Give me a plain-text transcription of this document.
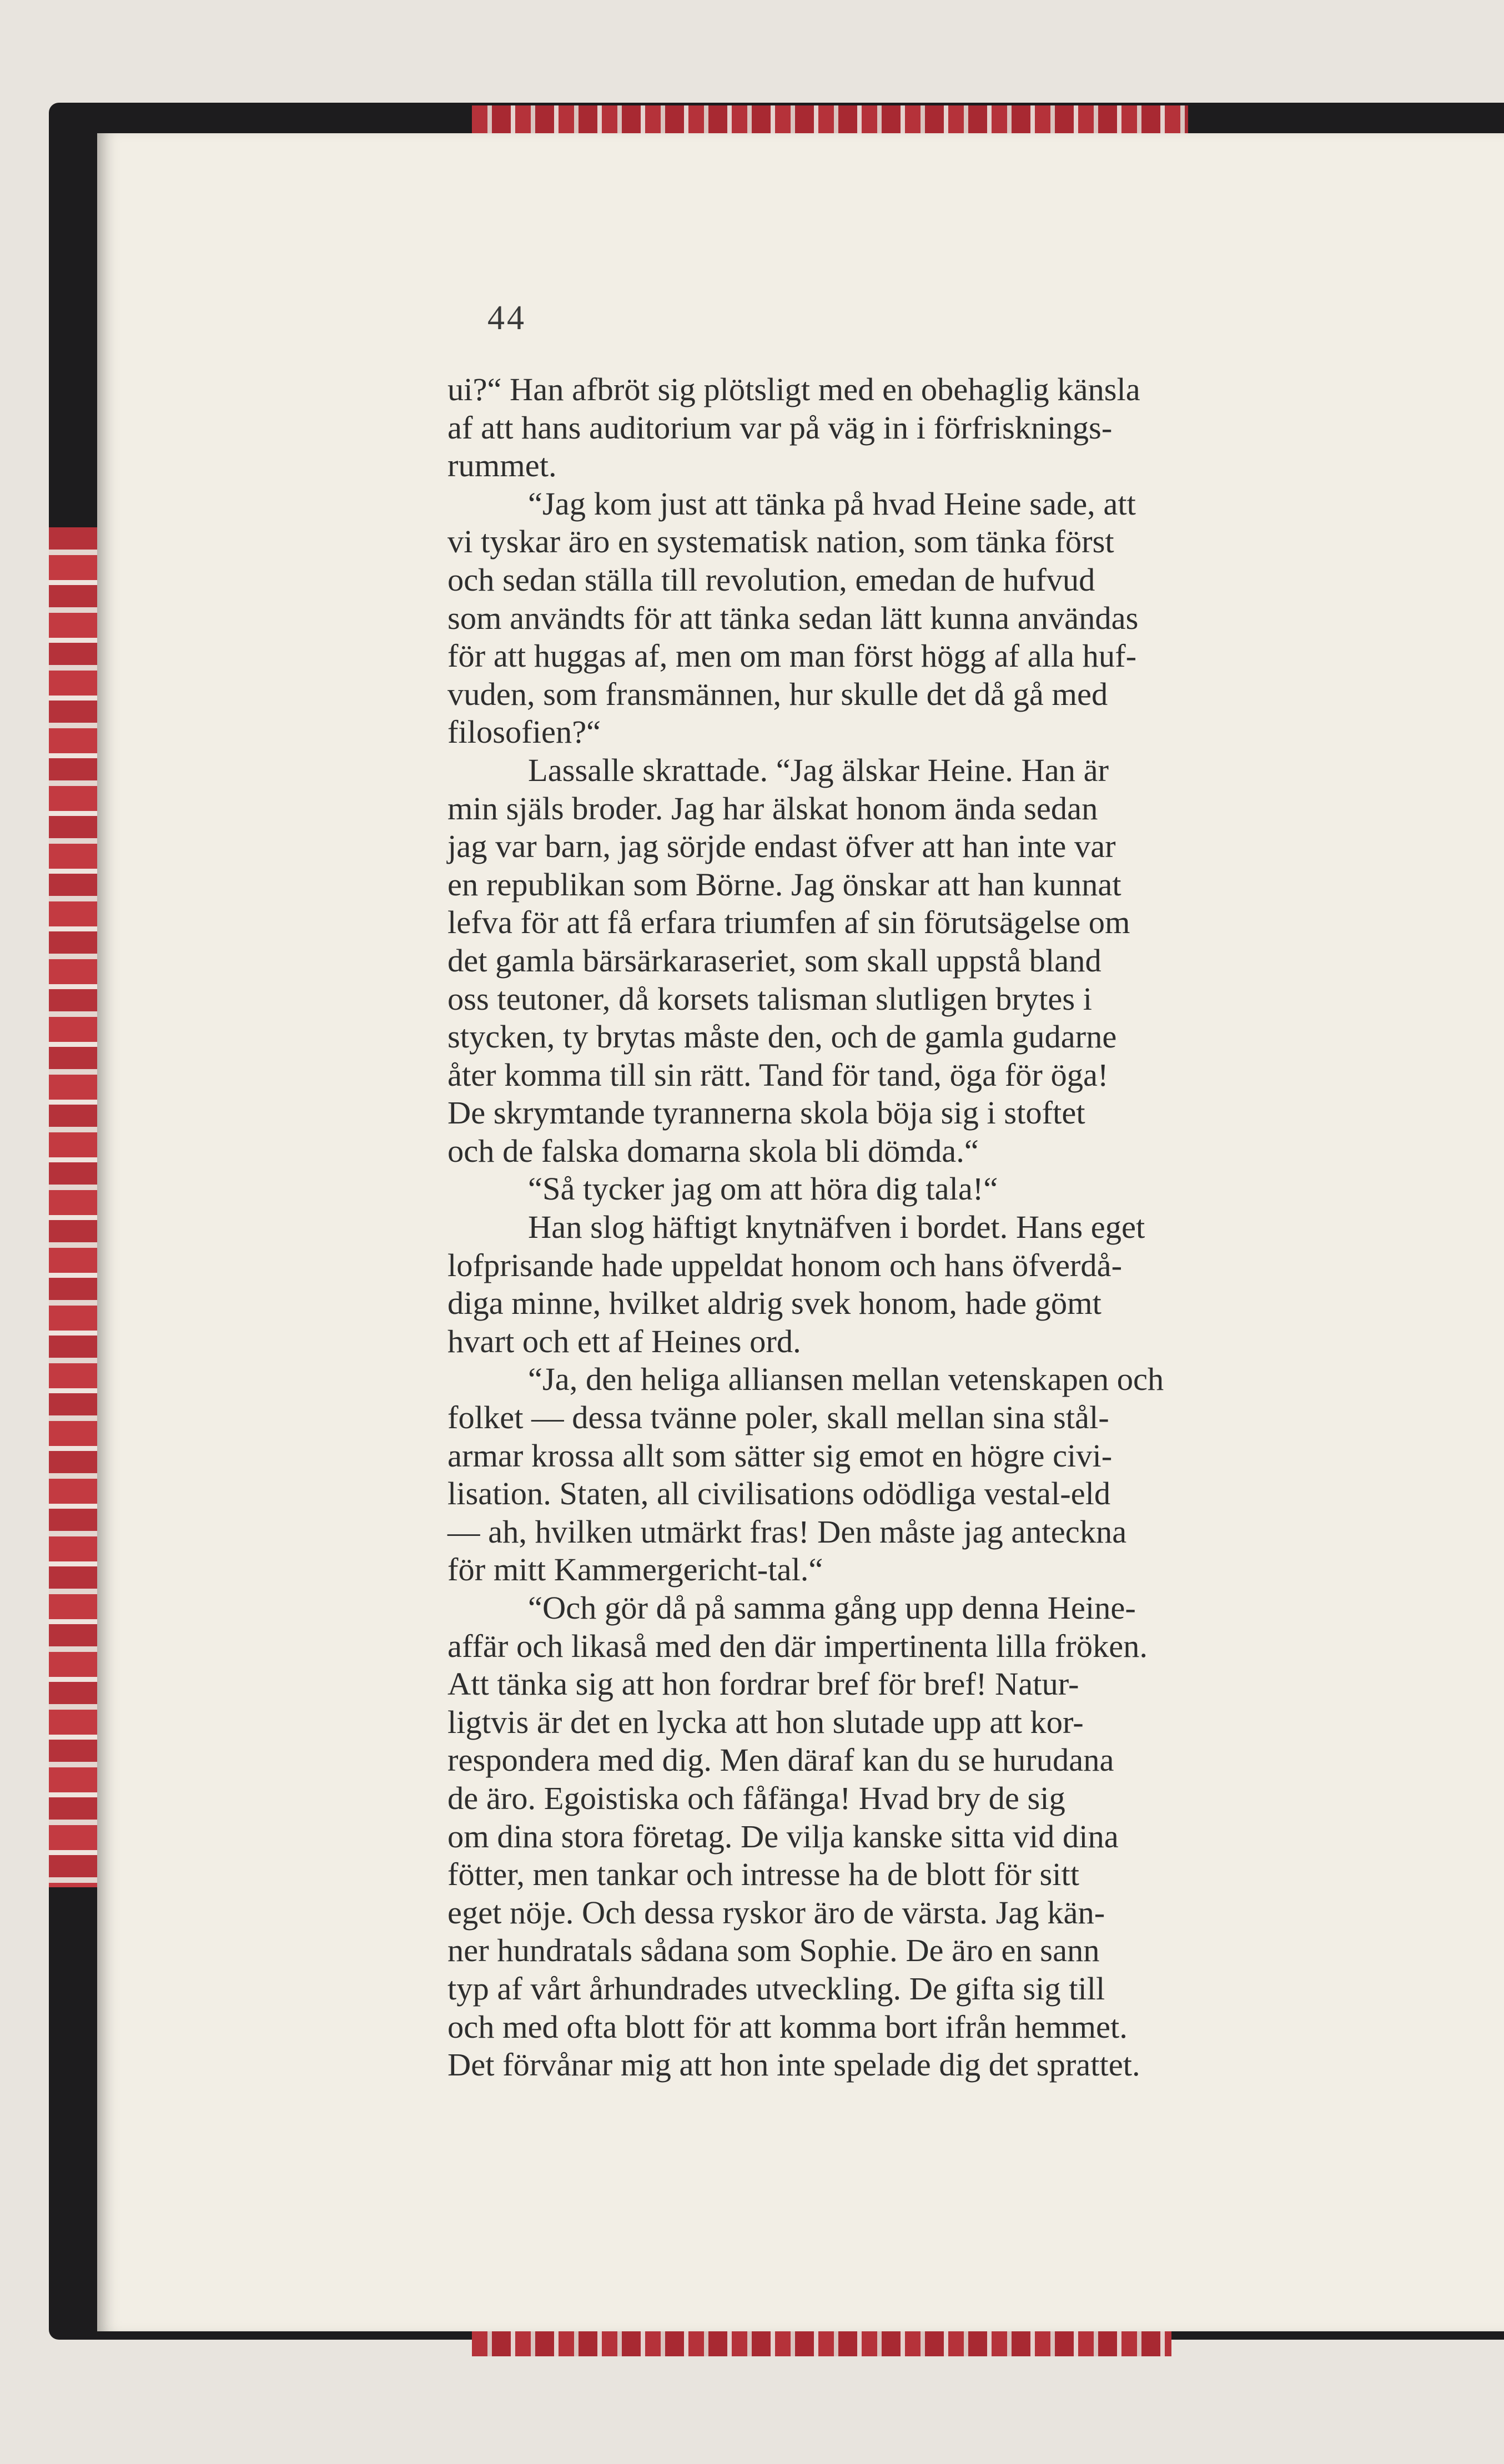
44
ui?“ Han afbröt sig plötsligt med en obehaglig känsla
af att hans auditorium var på väg in i förfrisknings-
rummet.
“Jag kom just att tänka på hvad Heine sade, att
vi tyskar äro en systematisk nation, som tänka först
och sedan ställa till revolution, emedan de hufvud
som användts för att tänka sedan lätt kunna användas
för att huggas af, men om man först högg af alla huf-
vuden, som fransmännen, hur skulle det då gå med
filosofien?“
Lassalle skrattade. “Jag älskar Heine. Han är
min själs broder. Jag har älskat honom ända sedan
jag var barn, jag sörjde endast öfver att han inte var
en republikan som Börne. Jag önskar att han kunnat
lefva för att få erfara triumfen af sin förutsägelse om
det gamla bärsärkaraseriet, som skall uppstå bland
oss teutoner, då korsets talisman slutligen brytes i
stycken, ty brytas måste den, och de gamla gudarne
åter komma till sin rätt. Tand för tand, öga för öga!
De skrymtande tyrannerna skola böja sig i stoftet
och de falska domarna skola bli dömda.“
“Så tycker jag om att höra dig tala!“
Han slog häftigt knytnäfven i bordet. Hans eget
lofprisande hade uppeldat honom och hans öfverdå-
diga minne, hvilket aldrig svek honom, hade gömt
hvart och ett af Heines ord.
“Ja, den heliga alliansen mellan vetenskapen och
folket — dessa tvänne poler, skall mellan sina stål-
armar krossa allt som sätter sig emot en högre civi-
lisation. Staten, all civilisations odödliga vestal-eld
— ah, hvilken utmärkt fras! Den måste jag anteckna
för mitt Kammergericht-tal.“
“Och gör då på samma gång upp denna Heine-
affär och likaså med den där impertinenta lilla fröken.
Att tänka sig att hon fordrar bref för bref! Natur-
ligtvis är det en lycka att hon slutade upp att kor-
respondera med dig. Men däraf kan du se hurudana
de äro. Egoistiska och fåfänga! Hvad bry de sig
om dina stora företag. De vilja kanske sitta vid dina
fötter, men tankar och intresse ha de blott för sitt
eget nöje. Och dessa ryskor äro de värsta. Jag kän-
ner hundratals sådana som Sophie. De äro en sann
typ af vårt århundrades utveckling. De gifta sig till
och med ofta blott för att komma bort ifrån hemmet.
Det förvånar mig att hon inte spelade dig det sprattet.
